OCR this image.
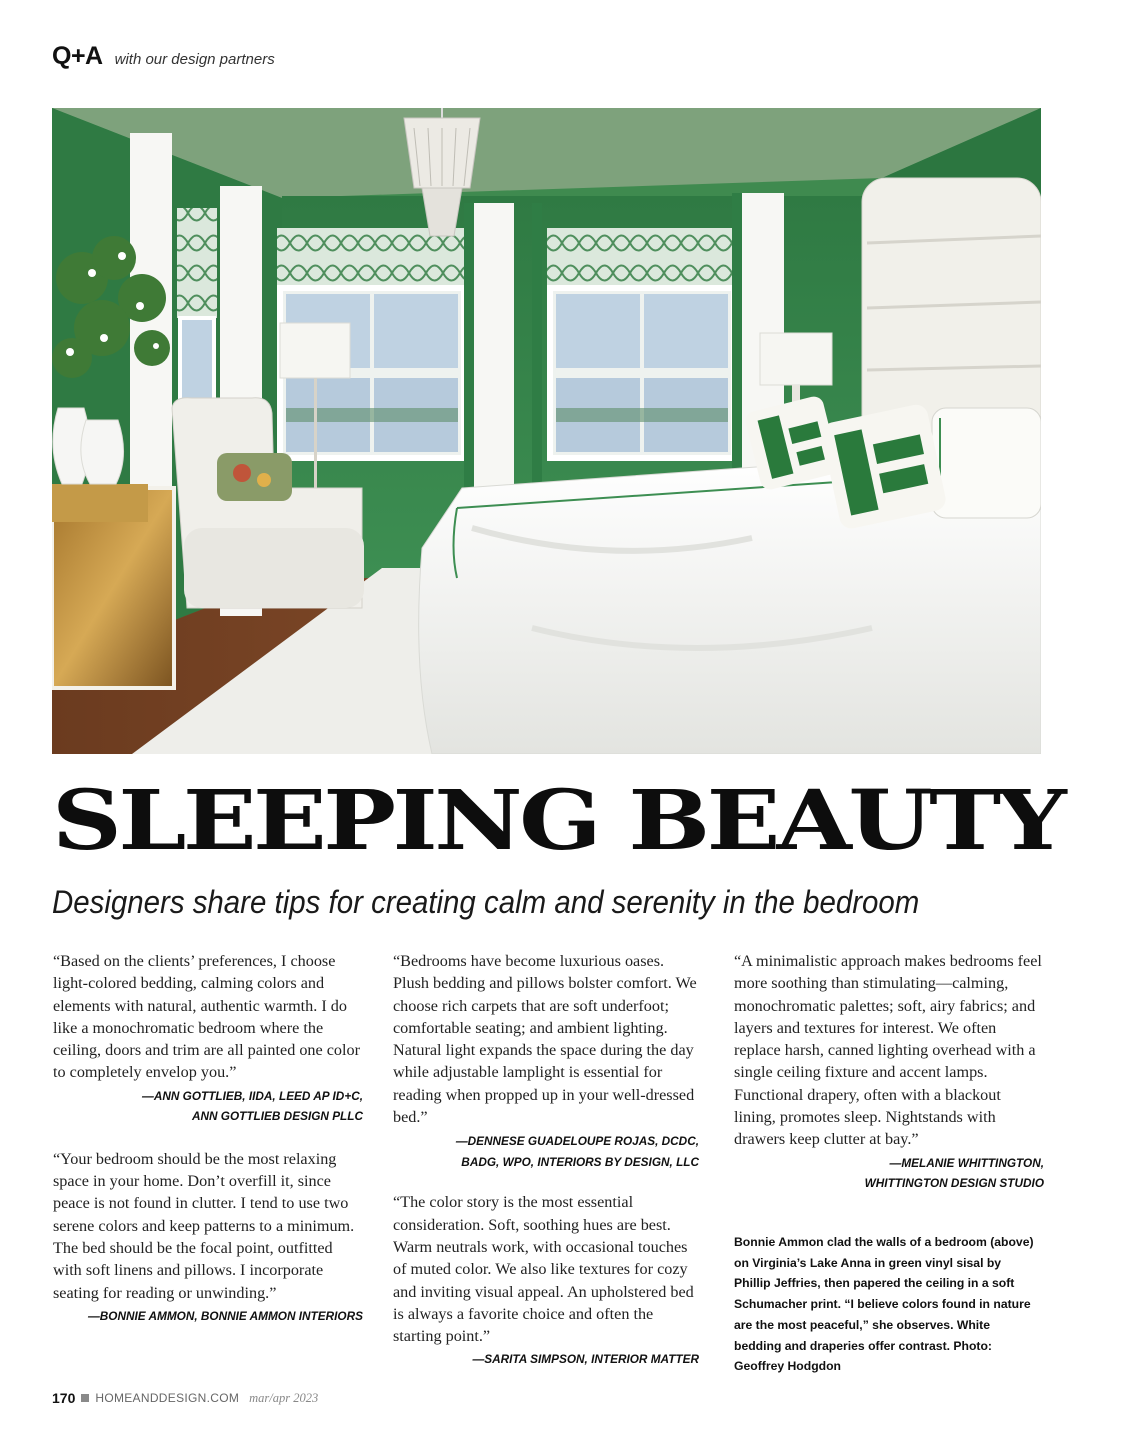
Q+A with our design partners
SLEEPING BEAUTY

Designers share tips for creating calm and serenity in the bedroom

“Based on the clients’ preferences, I choose light-colored bedding, calming colors and elements with natural, authentic warmth. I do like a monochromatic bedroom where the ceiling, doors and trim are all painted one color to completely envelop you.”

—ANN GOTTLIEB, IIDA, LEED AP ID+C,
ANN GOTTLIEB DESIGN PLLC

“Your bedroom should be the most relaxing space in your home. Don’t overfill it, since peace is not found in clutter. I tend to use two serene colors and keep patterns to a minimum. The bed should be the focal point, outfitted with soft linens and pillows. I incorporate seating for reading or unwinding.”

—BONNIE AMMON, BONNIE AMMON INTERIORS

“Bedrooms have become luxurious oases. Plush bedding and pillows bolster comfort. We choose rich carpets that are soft underfoot; comfortable seating; and ambient lighting. Natural light expands the space during the day while adjustable lamplight is essential for reading when propped up in your well-dressed bed.”

—DENNESE GUADELOUPE ROJAS, DCDC,
BADG, WPO, INTERIORS BY DESIGN, LLC

“The color story is the most essential consideration. Soft, soothing hues are best. Warm neutrals work, with occasional touches of muted color. We also like textures for cozy and inviting visual appeal. An upholstered bed is always a favorite choice and often the starting point.”

—SARITA SIMPSON, INTERIOR MATTER

“A minimalistic approach makes bedrooms feel more soothing than stimulating—calming, monochromatic palettes; soft, airy fabrics; and layers and textures for interest. We often replace harsh, canned lighting overhead with a single ceiling fixture and accent lamps. Functional drapery, often with a blackout lining, promotes sleep. Nightstands with drawers keep clutter at bay.”

—MELANIE WHITTINGTON,
WHITTINGTON DESIGN STUDIO

Bonnie Ammon clad the walls of a bedroom (above) on Virginia’s Lake Anna in green vinyl sisal by Phillip Jeffries, then papered the ceiling in a soft Schumacher print. “I believe colors found in nature are the most peaceful,” she observes. White bedding and draperies offer contrast. Photo: Geoffrey Hodgdon

170 HOMEANDDESIGN.COM mar/apr 2023
